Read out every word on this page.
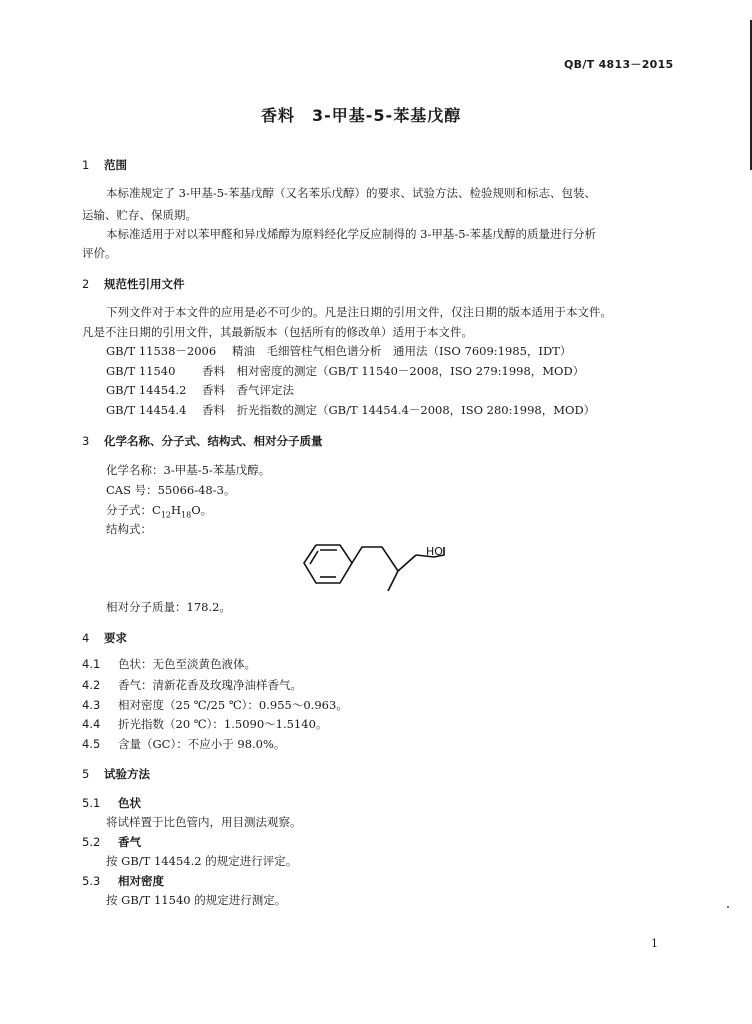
QB/T 4813－2015
香料　3-甲基-5-苯基戊醇
1 范围
本标准规定了 3-甲基-5-苯基戊醇（又名苯乐戊醇）的要求、试验方法、检验规则和标志、包装、
运输、贮存、保质期。
本标准适用于对以苯甲醛和异戊烯醇为原料经化学反应制得的 3-甲基-5-苯基戊醇的质量进行分析
评价。
2 规范性引用文件
下列文件对于本文件的应用是必不可少的。凡是注日期的引用文件，仅注日期的版本适用于本文件。
凡是不注日期的引用文件，其最新版本（包括所有的修改单）适用于本文件。
GB/T 11538－2006 精油　毛细管柱气相色谱分析　通用法（ISO 7609:1985，IDT）
GB/T 11540 香料　相对密度的测定（GB/T 11540－2008，ISO 279:1998，MOD）
GB/T 14454.2 香料　香气评定法
GB/T 14454.4 香料　折光指数的测定（GB/T 14454.4－2008，ISO 280:1998，MOD）
3 化学名称、分子式、结构式、相对分子质量
化学名称：3-甲基-5-苯基戊醇。
CAS 号：55066-48-3。
分子式：$C_{12}H_{18}O$。
结构式：
HO
相对分子质量：178.2。
4 要求
4.1 色状：无色至淡黄色液体。
4.2 香气：清新花香及玫瑰净油样香气。
4.3 相对密度（25 ℃/25 ℃）：0.955～0.963。
4.4 折光指数（20 ℃）：1.5090～1.5140。
4.5 含量（GC）：不应小于 98.0%。
5 试验方法
5.1 色状
将试样置于比色管内，用目测法观察。
5.2 香气
按 GB/T 14454.2 的规定进行评定。
5.3 相对密度
按 GB/T 11540 的规定进行测定。
1
